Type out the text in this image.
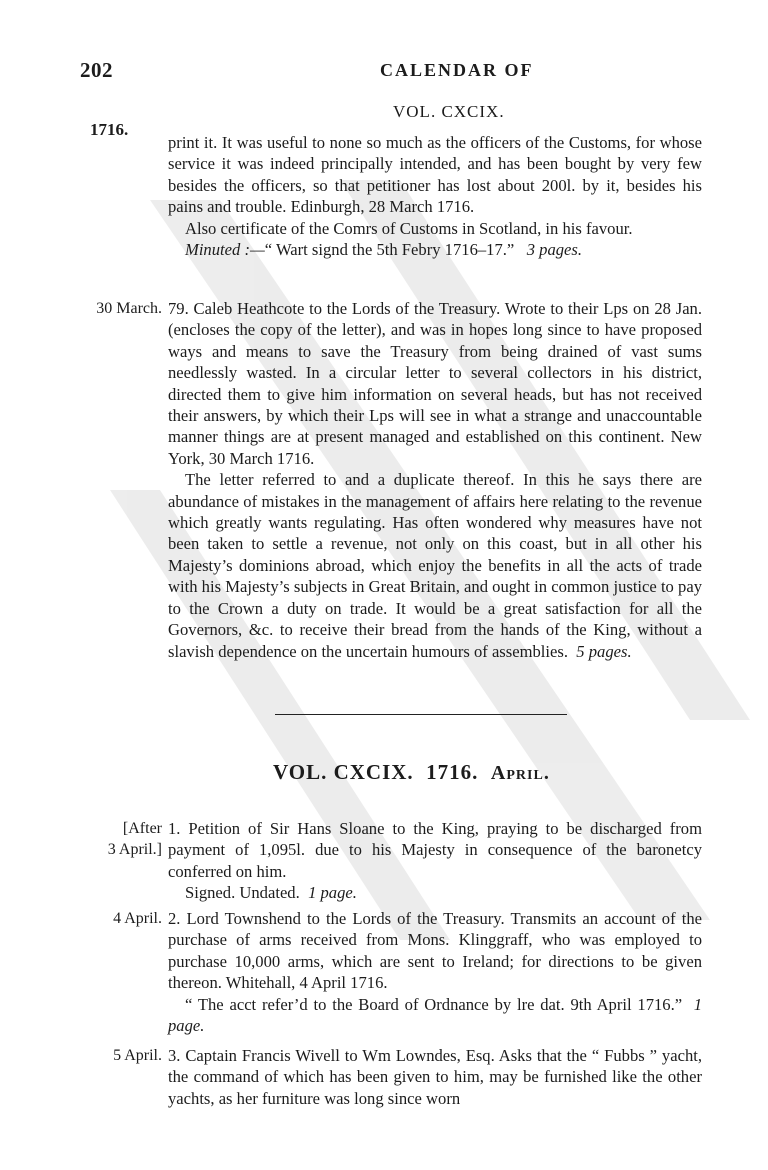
202	CALENDAR OF
VOL. CXCIX.
1716.

print it. It was useful to none so much as the officers of the Customs, for whose service it was indeed principally intended, and has been bought by very few besides the officers, so that petitioner has lost about 200l. by it, besides his pains and trouble. Edinburgh, 28 March 1716.

Also certificate of the Comrs of Customs in Scotland, in his favour.

Minuted :—“ Wart signd the 5th Febry 1716–17.” 3 pages.

30 March. 79. Caleb Heathcote to the Lords of the Treasury. Wrote to their Lps on 28 Jan. (encloses the copy of the letter), and was in hopes long since to have proposed ways and means to save the Treasury from being drained of vast sums needlessly wasted. In a circular letter to several collectors in his district, directed them to give him information on several heads, but has not received their answers, by which their Lps will see in what a strange and unaccountable manner things are at present managed and established on this continent. New York, 30 March 1716.

The letter referred to and a duplicate thereof. In this he says there are abundance of mistakes in the management of affairs here relating to the revenue which greatly wants regulating. Has often wondered why measures have not been taken to settle a revenue, not only on this coast, but in all other his Majesty’s dominions abroad, which enjoy the benefits in all the acts of trade with his Majesty’s subjects in Great Britain, and ought in common justice to pay to the Crown a duty on trade. It would be a great satisfaction for all the Governors, &c. to receive their bread from the hands of the King, without a slavish dependence on the uncertain humours of assemblies. 5 pages.

VOL. CXCIX. 1716. April.
[After
3 April.]

1. Petition of Sir Hans Sloane to the King, praying to be discharged from payment of 1,095l. due to his Majesty in consequence of the baronetcy conferred on him.

Signed. Undated. 1 page.

4 April. 2. Lord Townshend to the Lords of the Treasury. Transmits an account of the purchase of arms received from Mons. Klinggraff, who was employed to purchase 10,000 arms, which are sent to Ireland; for directions to be given thereon. Whitehall, 4 April 1716.

“ The acct refer’d to the Board of Ordnance by lre dat. 9th April 1716.” 1 page.

5 April. 3. Captain Francis Wivell to Wm Lowndes, Esq. Asks that the “ Fubbs ” yacht, the command of which has been given to him, may be furnished like the other yachts, as her furniture was long since worn
